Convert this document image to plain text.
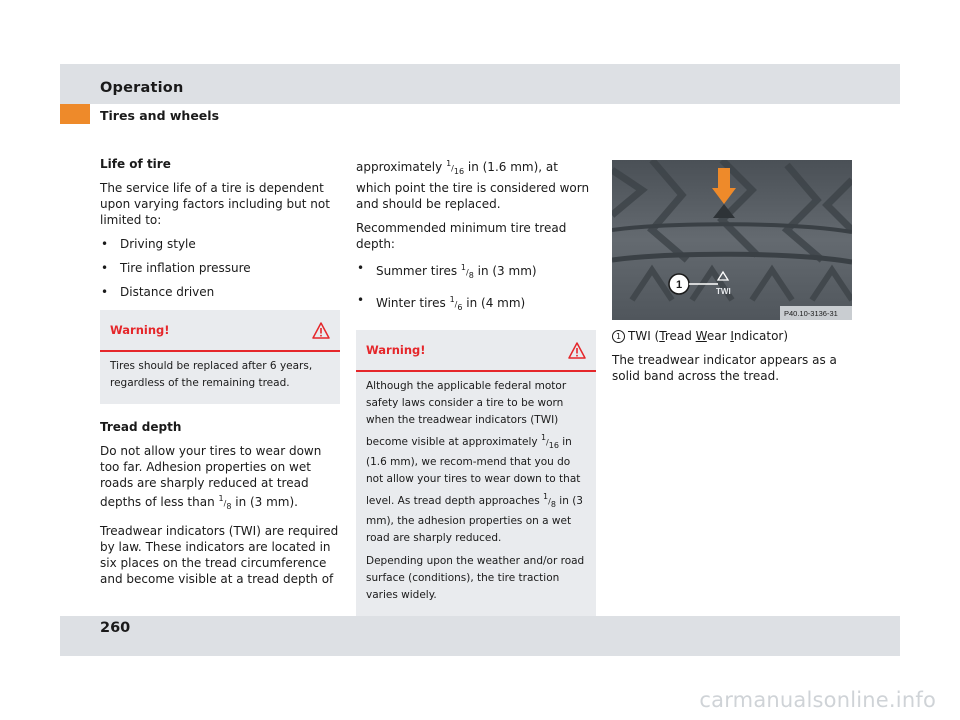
Operation
Tires and wheels
Life of tire

The service life of a tire is dependent upon varying factors including but not limited to:

• Driving style
• Tire inflation pressure
• Distance driven
Warning!

Tires should be replaced after 6 years, regardless of the remaining tread.

Tread depth

Do not allow your tires to wear down too far. Adhesion properties on wet roads are sharply reduced at tread depths of less than $^1/_8$ in (3 mm).

Treadwear indicators (TWI) are required by law. These indicators are located in six places on the tread circumference and become visible at a tread depth of

approximately $^1/_{16}$ in (1.6 mm), at which point the tire is considered worn and should be replaced.

Recommended minimum tire tread depth:

• Summer tires $^1/_8$ in (3 mm)
• Winter tires $^1/_6$ in (4 mm)
Warning!

Although the applicable federal motor safety laws consider a tire to be worn when the treadwear indicators (TWI) become visible at approximately $^1/_{16}$ in (1.6 mm), we recom-mend that you do not allow your tires to wear down to that level. As tread depth approaches $^1/_8$ in (3 mm), the adhesion properties on a wet road are sharply reduced.

Depending upon the weather and/or road surface (conditions), the tire traction varies widely.

1
TWI
P40.10-3136-31

1 TWI (Tread Wear Indicator)

The treadwear indicator appears as a solid band across the tread.

260
carmanualsonline.info
